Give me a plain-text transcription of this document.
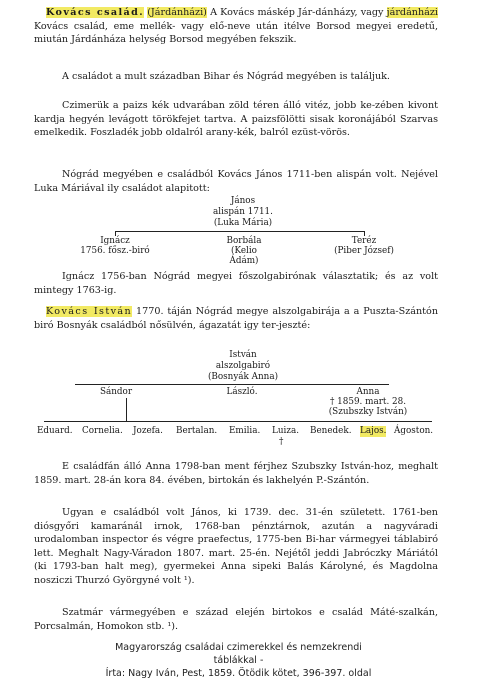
Kovács család. (Járdánházi) A Kovács máskép Jár-dánházy, vagy járdánházi Kovács család, eme mellék- vagy elő-neve után itélve Borsod megyei eredetű, miután Járdánháza helység Borsod megyében fekszik.

A családot a mult században Bihar és Nógrád megyében is találjuk.

Czimerük a paizs kék udvarában zöld téren álló vitéz, jobb ke-zében kivont kardja hegyén levágott törökfejet tartva. A paizsfölötti sisak koronájából Szarvas emelkedik. Foszladék jobb oldalról arany-kék, balról ezüst-vörös.

Nógrád megyében e családból Kovács János 1711-ben alispán volt. Nejével Luka Máriával ily családot alapitott:

János
alispán 1711.
(Luka Mária)
Ignácz
1756. fősz.-biró
Borbála
(Kelio
Ádám)
Teréz
(Piber József)

Ignácz 1756-ban Nógrád megyei főszolgabirónak választatik; és az volt mintegy 1763-ig.

Kovács István 1770. táján Nógrád megye alszolgabirája a a Puszta-Szántón biró Bosnyák családból nősülvén, ágazatát igy ter-jeszté:

István
alszolgabiró
(Bosnyák Anna)
Sándor	László.	Anna
† 1859. mart. 28.
(Szubszky István)
Eduard. Cornelia. Jozefa. Bertalan. Emilia. Luiza.
†
Benedek. Lajos. Ágoston.

E családfán álló Anna 1798-ban ment férjhez Szubszky István-hoz, meghalt 1859. mart. 28-án kora 84. évében, birtokán és lakhelyén P.-Szántón.

Ugyan e családból volt János, ki 1739. dec. 31-én született. 1761-ben diósgyőri kamaránál irnok, 1768-ban pénztárnok, azután a nagyváradi urodalomban inspector és végre praefectus, 1775-ben Bi-har vármegyei táblabiró lett. Meghalt Nagy-Váradon 1807. mart. 25-én. Nejétől jeddi Jabróczky Máriától (ki 1793-ban halt meg), gyermekei Anna sipeki Balás Károlyné, és Magdolna nosziczi Thurzó Györgyné volt ¹).

Szatmár vármegyében e század elején birtokos e család Máté-szalkán, Porcsalmán, Homokon stb. ¹).

Magyarország családai czimerekkel és nemzekrendi táblákkal -
Írta: Nagy Iván, Pest, 1859. Ötödik kötet, 396-397. oldal
